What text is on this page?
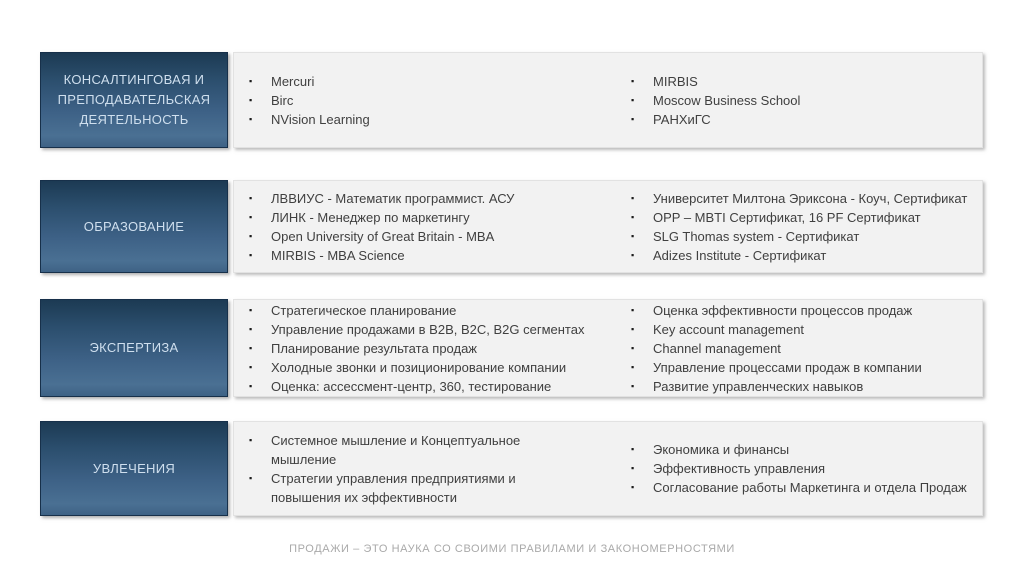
КОНСАЛТИНГОВАЯ И ПРЕПОДАВАТЕЛЬСКАЯ ДЕЯТЕЛЬНОСТЬ
▪	Mercuri
▪	Birc
▪	NVision Learning
▪	MIRBIS
▪	Moscow Business School
▪	РАНХиГС
ОБРАЗОВАНИЕ
▪	ЛВВИУС - Математик программист. АСУ
▪	ЛИНК - Менеджер по маркетингу
▪	Open University of Great Britain - MBA
▪	MIRBIS - MBA Science
▪	Университет Милтона Эриксона - Коуч, Сертификат
▪	OPP – MBTI Сертификат, 16 PF Сертификат
▪	SLG Thomas system - Сертификат
▪	Adizes Institute - Сертификат
ЭКСПЕРТИЗА
▪	Стратегическое планирование
▪	Управление продажами в B2B, B2C, B2G сегментах
▪	Планирование результата продаж
▪	Холодные звонки и позиционирование компании
▪	Оценка: ассессмент-центр, 360, тестирование
▪	Оценка эффективности процессов продаж
▪	Key account management
▪	Channel management
▪	Управление процессами продаж в компании
▪	Развитие управленческих навыков
УВЛЕЧЕНИЯ
▪	Системное мышление и Концептуальное мышление
▪	Стратегии управления предприятиями и повышения их эффективности
▪	Экономика и финансы
▪	Эффективность управления
▪	Согласование работы Маркетинга и отдела Продаж
ПРОДАЖИ – ЭТО НАУКА СО СВОИМИ ПРАВИЛАМИ И ЗАКОНОМЕРНОСТЯМИ
